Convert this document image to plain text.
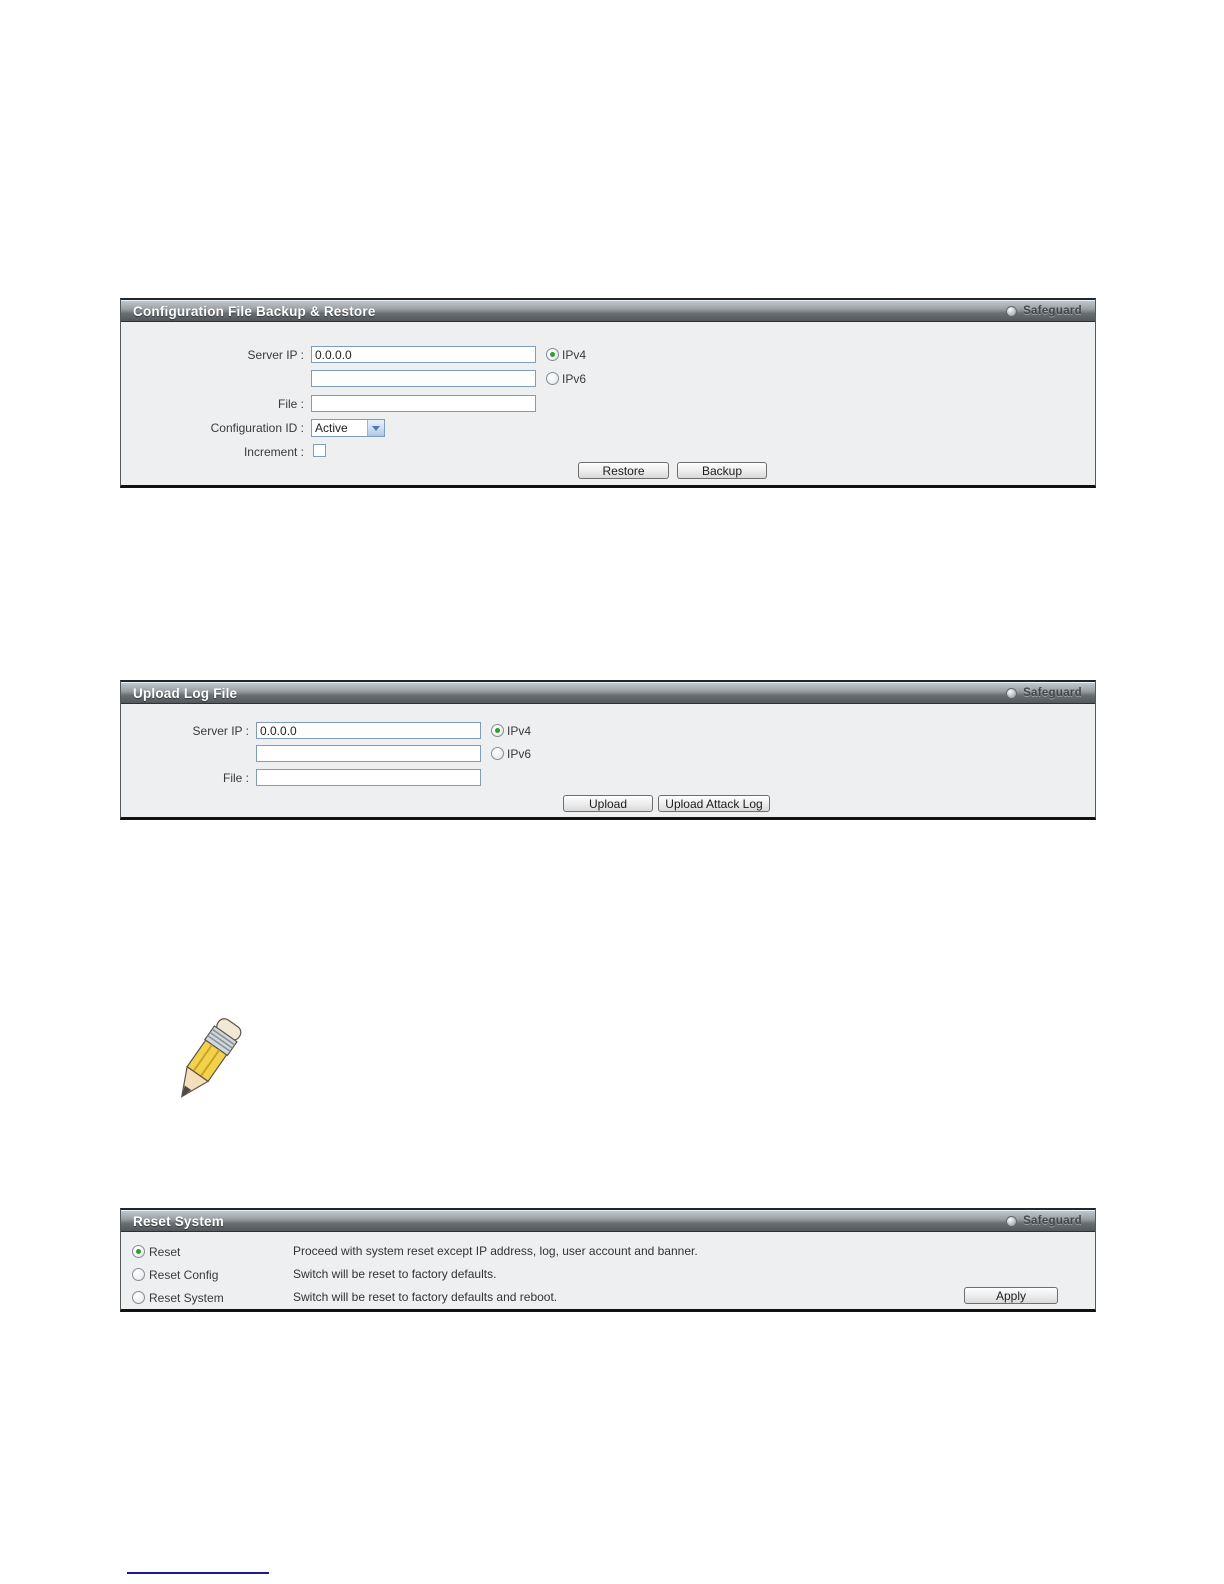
Configuration File Backup & Restore	Safeguard
Server IP :
0.0.0.0	IPv4
IPv6
File :
Configuration ID : Active
Increment :
Restore	Backup
Upload Log File	Safeguard
Server IP :
0.0.0.0	IPv4
IPv6
File :
Upload	Upload Attack Log
Reset System	Safeguard
Reset	Proceed with system reset except IP address, log, user account and banner.
Reset Config	Switch will be reset to factory defaults.
Reset System	Switch will be reset to factory defaults and reboot.	Apply
